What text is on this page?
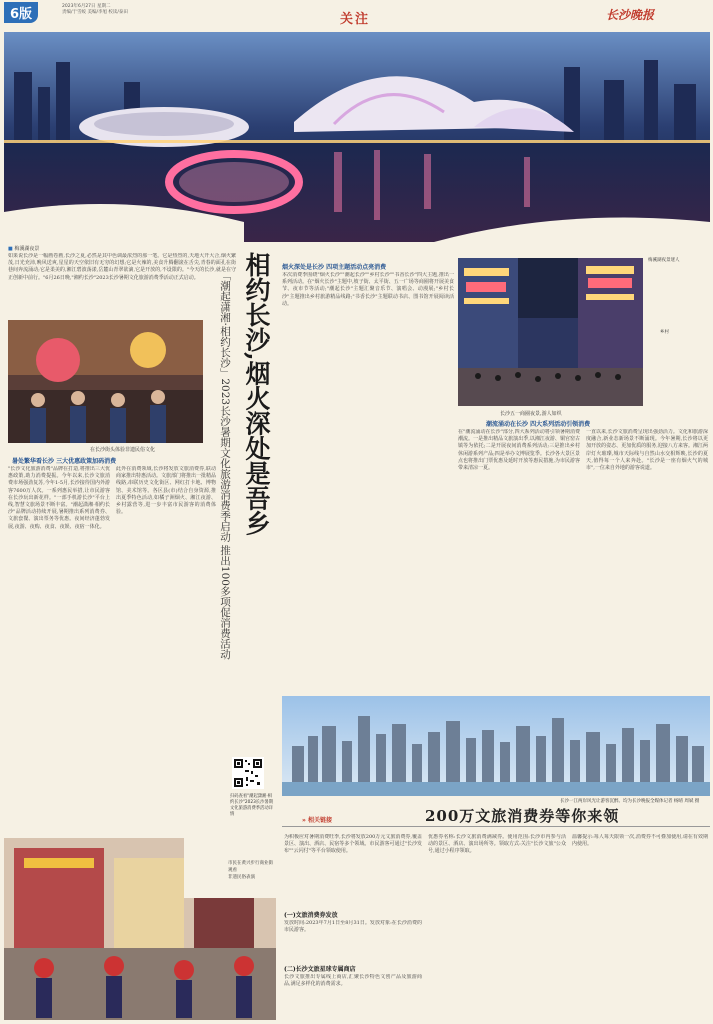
6版
2023年6月27日 星期二
责编/于雪蛟 美编/李旭 校读/泰田	关注	长沙晚报
■ 梅溪湖夜景
如果说长沙是一幅画卷画,长沙之夏,必然是其中色调最浓烈的那一笔。它是热烈的,天地大开大合,烟火繁茂,日光充沛,晚风送爽,星星的天空依旧有无穷的幻想;它是火辣的,美食升腾翻滚在舌尖,青春的面孔在街巷间奔流涌动;它是柔美的,湘江碧波荡漾,岳麓山青翠欲滴,它是开放的,不设限的。"今天的长沙,就是在守正创新中前行。"6月26日晚,"湘约长沙"2023长沙暑期文化旅游消费季活动正式启动。	相约长沙,烟火深处是吾乡
「潮起潇湘·相约长沙」2023长沙暑期文化旅游消费季启动 推出100多项促消费活动
在长沙街头体验非遗民俗文化
暑处繁华看长沙 三大优惠政策加码消费
"长沙文化旅游消费"品牌在打造,将推出三大优惠政策,助力消费提振。今年以来,长沙文旅消费市场强劲复苏,今年1-5月,长沙接待国内外游客7600万人次。一系列惠民举措,让市民游客在长沙玩出新花样。"一部手机游长沙"平台上线,智慧文旅场景不断丰富。"潮起潇湘·相约长沙"品牌活动持续开展,暑期推出系列消费券、文旅套餐、演出票务等优惠。夜间经济蓬勃发展,夜游、夜购、夜食、夜娱、夜宿一体化。
此外在消费领域,长沙将发放文旅消费券,联动商家推出特惠活动。文旅部门将推出一批精品线路,串联历史文化街区、网红打卡地、博物馆、美术馆等。各区县(市)结合自身资源,推出夏季特色活动,如橘子洲烟火、湘江夜游、乡村露营等,进一步丰富市民游客的消费体验。
扫码查看"潮起潇湘·相约长沙"2023长沙暑期文化旅游消费季活动详情
烟火深处是长沙 四项主题活动点亮消费
本次消费季围绕"烟火长沙""潮起长沙""乡村长沙""书香长沙"四大主题,推出一系列活动。在"烟火长沙"主题中,坡子街、太平街、五一广场等商圈将开展美食节、夜市节等活动;"潮起长沙"主题汇聚音乐节、演唱会、动漫展;"乡村长沙"主题推出乡村旅游精品线路;"书香长沙"主题联动书店、图书馆开展阅读活动。
梅溪湖夜景迷人
乡村
长沙五一商圈夜景,游人如织
潮流涌动在长沙 四大系列活动引领消费
在"潮流涌动在长沙"部分,四大系列活动将引领暑期消费潮流。一是推出精品文旅演出季,以湘江夜游、铜官窑古镇等为依托;二是开展夜间消费系列活动;三是推出乡村休闲游系列产品;四是举办文博展览季。长沙各大景区景点也将推出门票优惠及延时开放等惠民措施,为市民游客带来清凉一夏。
一直以来,长沙文旅消费呈现出强劲活力。文化和旅游深度融合,新业态新场景不断涌现。今年暑期,长沙将以更加开放的姿态、更加优质的服务,迎接八方来客。湘江两岸灯火璀璨,城市天际线与自然山水交相辉映,长沙的夏天,值得每一个人来奔赴。"长沙是一座有烟火气的城市",一位来自外地的游客说道。
长沙一江两岸风光让游客沉醉。均为长沙晚报全媒体记者 杨晴 周斌 摄
市民在黄兴步行商业街观看
非遗民俗表演
» 相关链接	200万文旅消费券等你来领
为积极应对暑期消费旺季,长沙将发放200万元文旅消费券,覆盖景区、演出、酒店、民宿等多个领域。市民游客可通过"长沙发布""云闪付"等平台领取使用。
(一)文旅消费券发放
发放时间:2023年7月1日至8月31日。发放对象:在长沙消费的市民游客。
(二)长沙文旅星球专属商店
长沙文旅推出专属线上商店,汇聚长沙特色文创产品及旅游商品,满足多样化的消费需求。
优惠券名称:长沙文旅消费满减券。使用范围:长沙市内参与活动的景区、酒店、演出场所等。领取方式:关注"长沙文旅"公众号,通过小程序领取。
温馨提示:每人每天限领一次,消费券不可叠加使用,请在有效期内使用。
